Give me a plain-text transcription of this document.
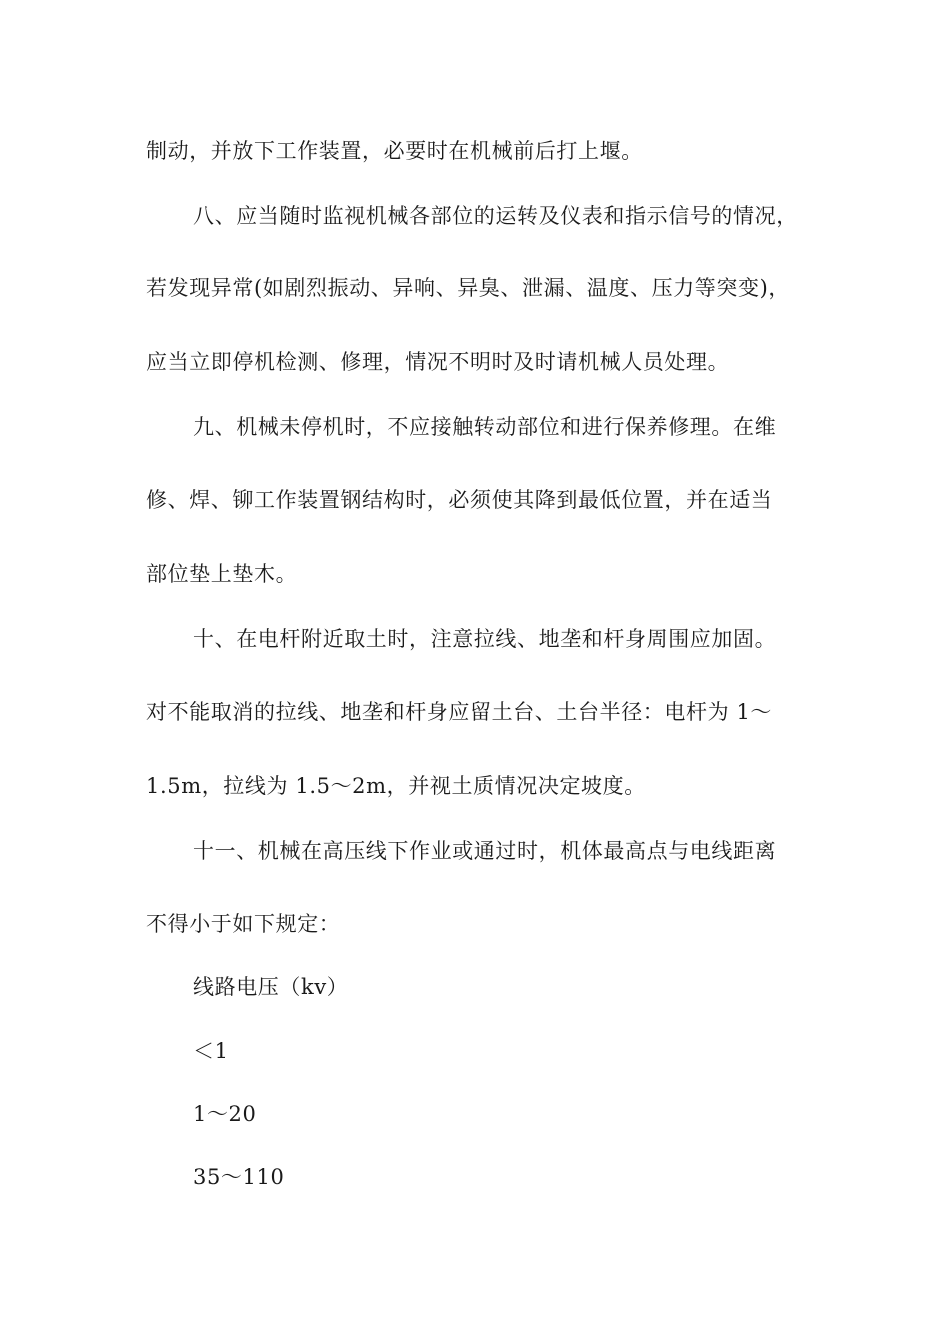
制动，并放下工作装置，必要时在机械前后打上堰。
八、应当随时监视机械各部位的运转及仪表和指示信号的情况，
若发现异常(如剧烈振动、异响、异臭、泄漏、温度、压力等突变)，
应当立即停机检测、修理，情况不明时及时请机械人员处理。
九、机械未停机时，不应接触转动部位和进行保养修理。在维
修、焊、铆工作装置钢结构时，必须使其降到最低位置，并在适当
部位垫上垫木。
十、在电杆附近取土时，注意拉线、地垄和杆身周围应加固。
对不能取消的拉线、地垄和杆身应留土台、土台半径：电杆为 1～
1.5m，拉线为 1.5～2m，并视土质情况决定坡度。
十一、机械在高压线下作业或通过时，机体最高点与电线距离
不得小于如下规定：
线路电压（kv）
＜1
1～20
35～110
